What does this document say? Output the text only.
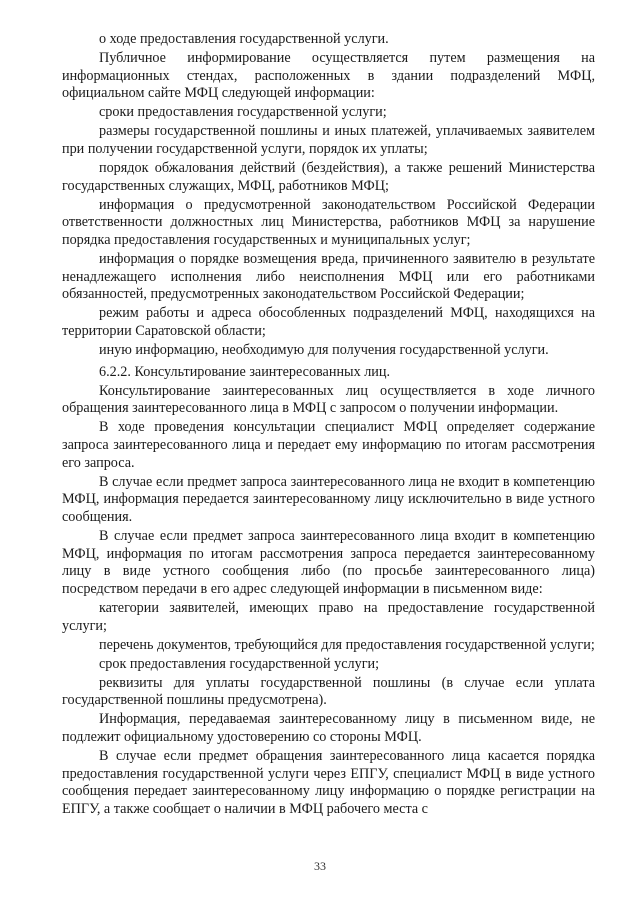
о ходе предоставления государственной услуги.

Публичное информирование осуществляется путем размещения на информационных стендах, расположенных в здании подразделений МФЦ, официальном сайте МФЦ следующей информации:

сроки предоставления государственной услуги;

размеры государственной пошлины и иных платежей, уплачиваемых заявителем при получении государственной услуги, порядок их уплаты;

порядок обжалования действий (бездействия), а также решений Министерства государственных служащих, МФЦ, работников МФЦ;

информация о предусмотренной законодательством Российской Федерации ответственности должностных лиц Министерства, работников МФЦ за нарушение порядка предоставления государственных и муниципальных услуг;

информация о порядке возмещения вреда, причиненного заявителю в результате ненадлежащего исполнения либо неисполнения МФЦ или его работниками обязанностей, предусмотренных законодательством Российской Федерации;

режим работы и адреса обособленных подразделений МФЦ, находящихся на территории Саратовской области;

иную информацию, необходимую для получения государственной услуги.

6.2.2. Консультирование заинтересованных лиц.

Консультирование заинтересованных лиц осуществляется в ходе личного обращения заинтересованного лица в МФЦ с запросом о получении информации.

В ходе проведения консультации специалист МФЦ определяет содержание запроса заинтересованного лица и передает ему информацию по итогам рассмотрения его запроса.

В случае если предмет запроса заинтересованного лица не входит в компетенцию МФЦ, информация передается заинтересованному лицу исключительно в виде устного сообщения.

В случае если предмет запроса заинтересованного лица входит в компетенцию МФЦ, информация по итогам рассмотрения запроса передается заинтересованному лицу в виде устного сообщения либо (по просьбе заинтересованного лица) посредством передачи в его адрес следующей информации в письменном виде:

категории заявителей, имеющих право на предоставление государственной услуги;

перечень документов, требующийся для предоставления государственной услуги;

срок предоставления государственной услуги;

реквизиты для уплаты государственной пошлины (в случае если уплата государственной пошлины предусмотрена).

Информация, передаваемая заинтересованному лицу в письменном виде, не подлежит официальному удостоверению со стороны МФЦ.

В случае если предмет обращения заинтересованного лица касается порядка предоставления государственной услуги через ЕПГУ, специалист МФЦ в виде устного сообщения передает заинтересованному лицу информацию о порядке регистрации на ЕПГУ, а также сообщает о наличии в МФЦ рабочего места с

33
